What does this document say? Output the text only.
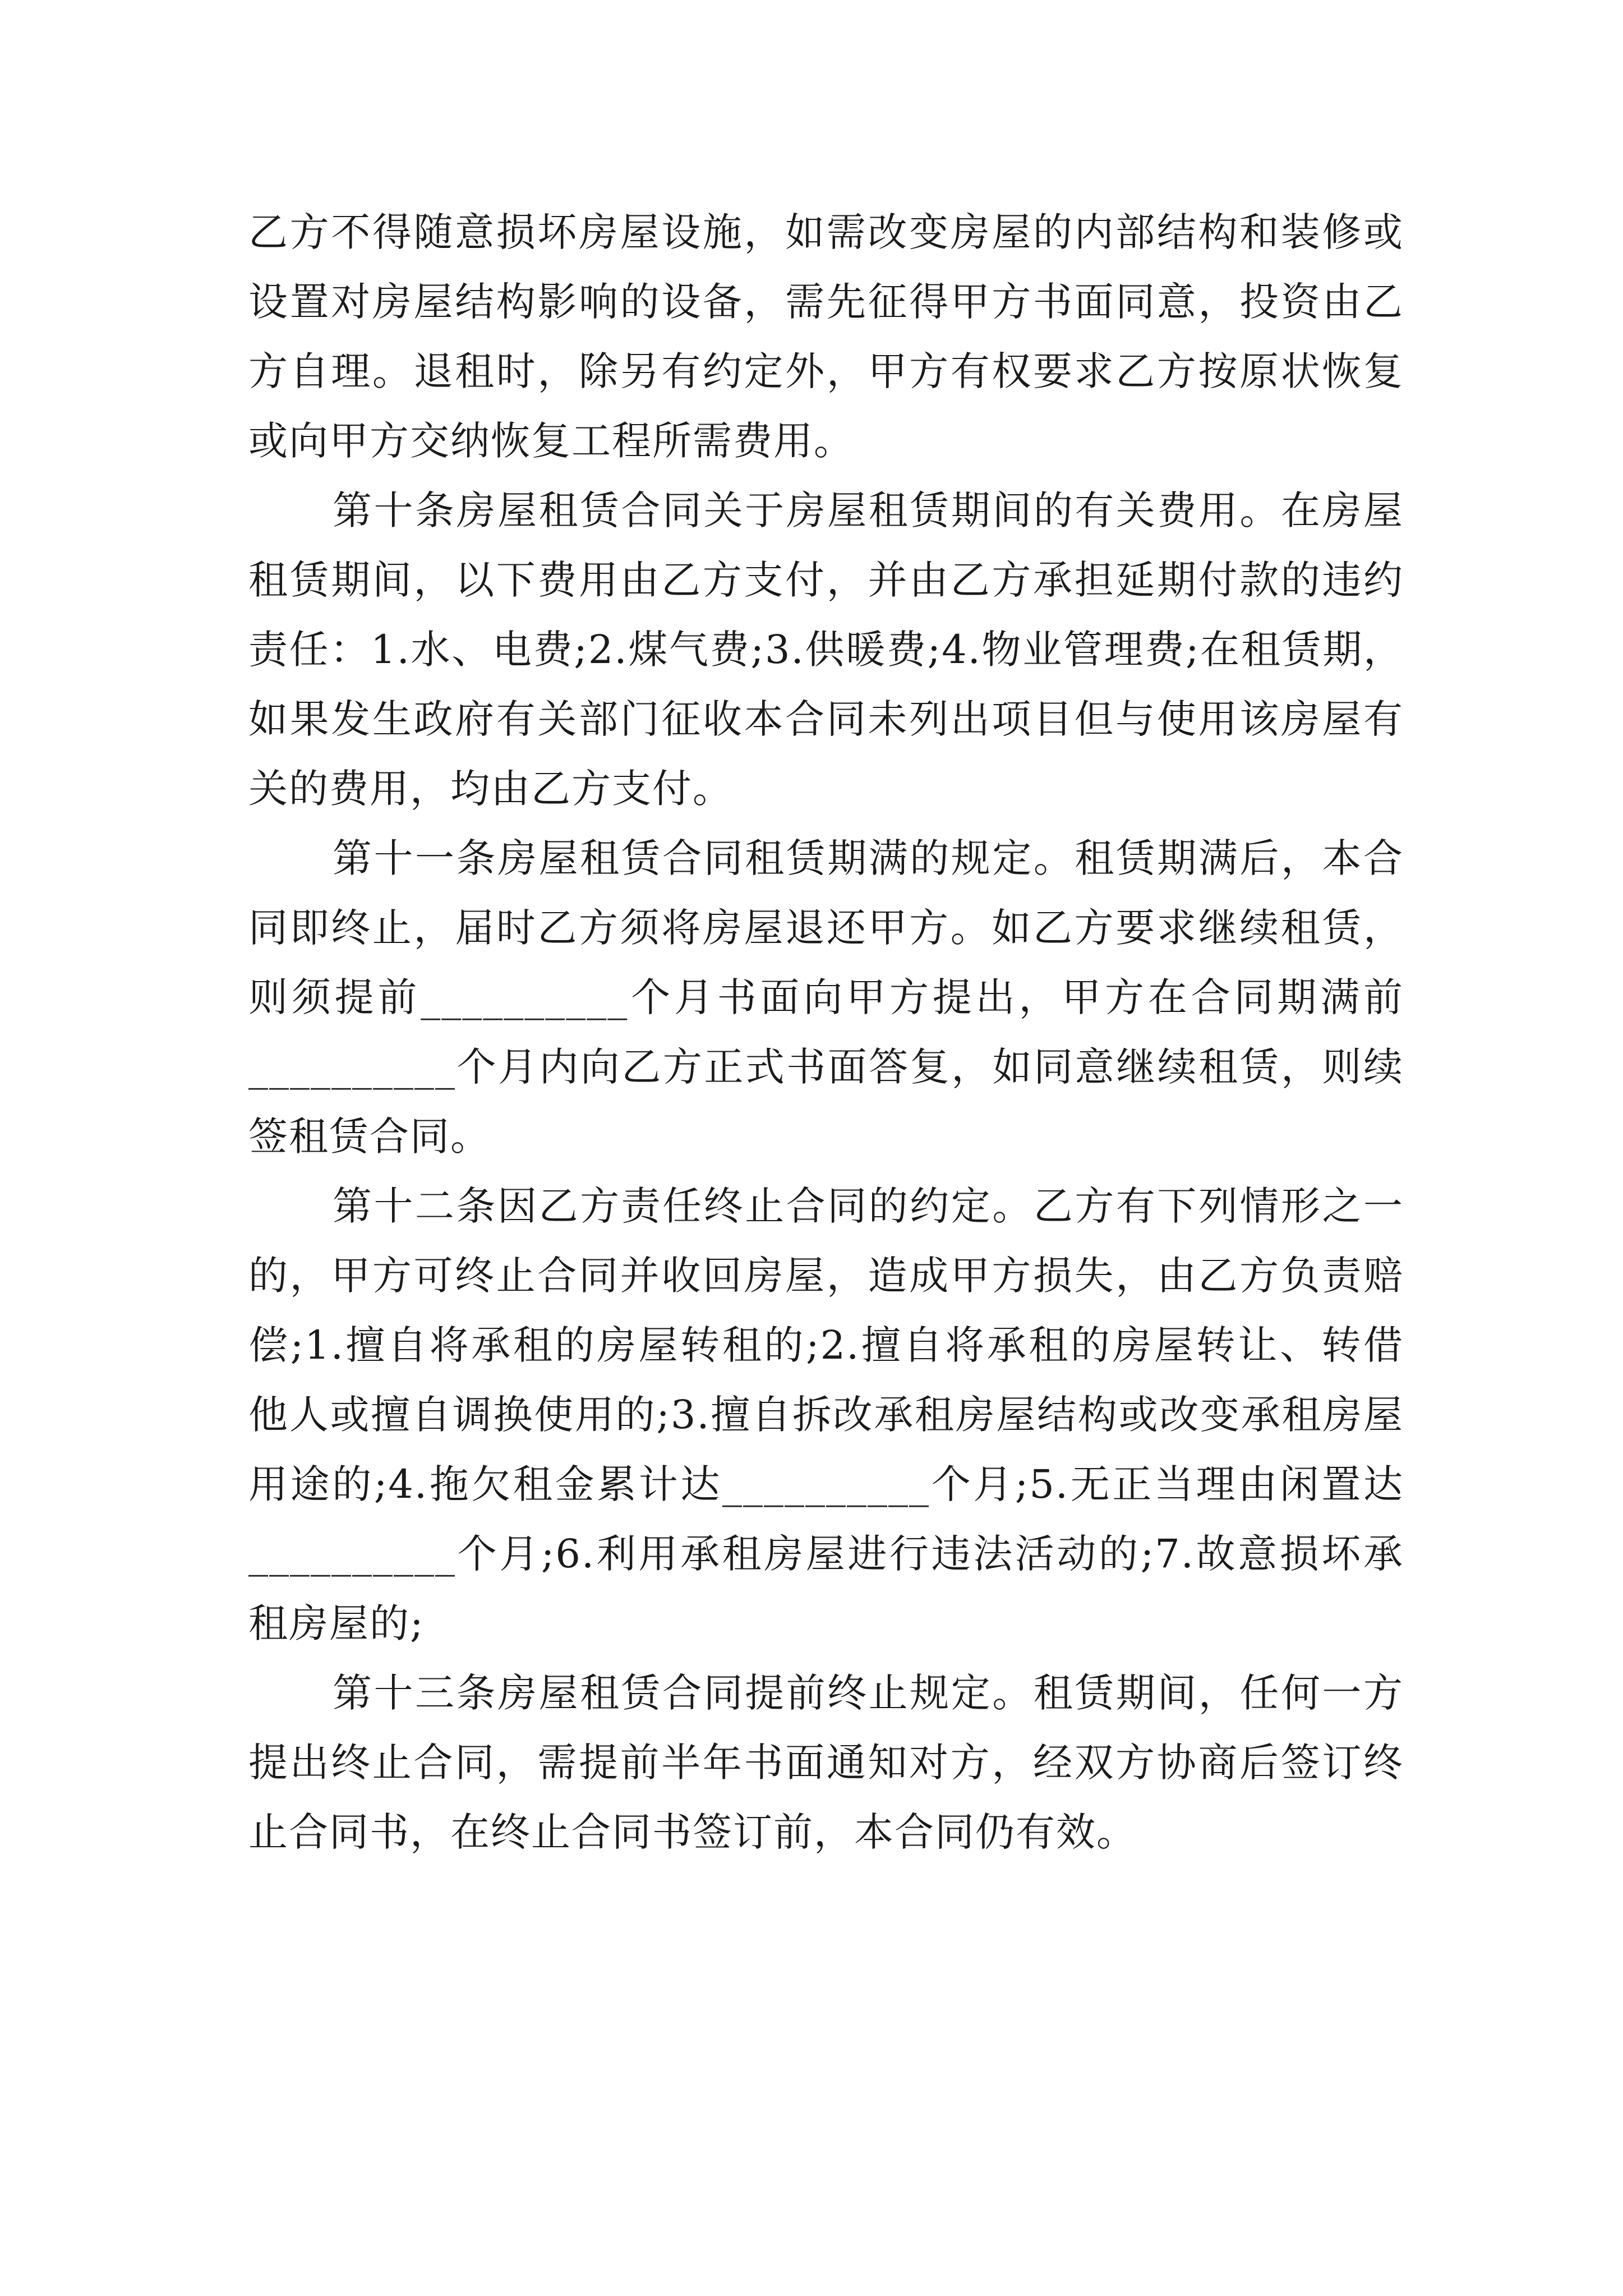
乙方不得随意损坏房屋设施，如需改变房屋的内部结构和装修或设置对房屋结构影响的设备，需先征得甲方书面同意，投资由乙方自理。退租时，除另有约定外，甲方有权要求乙方按原状恢复或向甲方交纳恢复工程所需费用。

第十条房屋租赁合同关于房屋租赁期间的有关费用。在房屋租赁期间，以下费用由乙方支付，并由乙方承担延期付款的违约责任：1.水、电费;2.煤气费;3.供暖费;4.物业管理费;在租赁期，如果发生政府有关部门征收本合同未列出项目但与使用该房屋有关的费用，均由乙方支付。

第十一条房屋租赁合同租赁期满的规定。租赁期满后，本合同即终止，届时乙方须将房屋退还甲方。如乙方要求继续租赁，则须提前__________个月书面向甲方提出，甲方在合同期满前__________个月内向乙方正式书面答复，如同意继续租赁，则续签租赁合同。

第十二条因乙方责任终止合同的约定。乙方有下列情形之一的，甲方可终止合同并收回房屋，造成甲方损失，由乙方负责赔偿;1.擅自将承租的房屋转租的;2.擅自将承租的房屋转让、转借他人或擅自调换使用的;3.擅自拆改承租房屋结构或改变承租房屋用途的;4.拖欠租金累计达__________个月;5.无正当理由闲置达__________个月;6.利用承租房屋进行违法活动的;7.故意损坏承租房屋的;

第十三条房屋租赁合同提前终止规定。租赁期间，任何一方提出终止合同，需提前半年书面通知对方，经双方协商后签订终止合同书，在终止合同书签订前，本合同仍有效。
